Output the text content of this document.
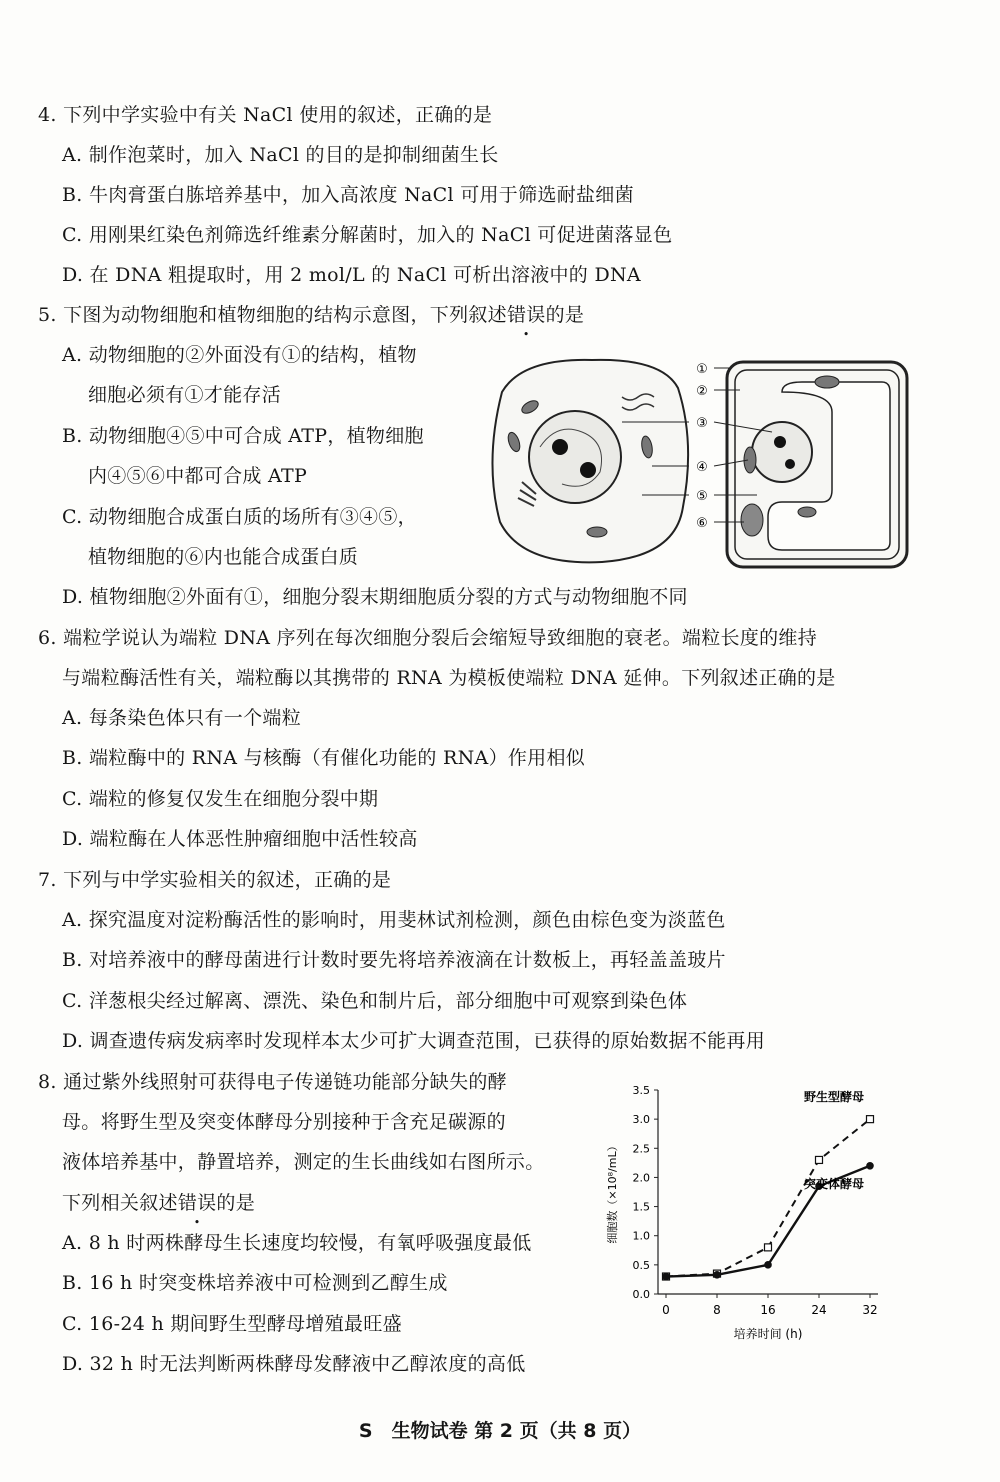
4. 下列中学实验中有关 NaCl 使用的叙述，正确的是
A. 制作泡菜时，加入 NaCl 的目的是抑制细菌生长
B. 牛肉膏蛋白胨培养基中，加入高浓度 NaCl 可用于筛选耐盐细菌
C. 用刚果红染色剂筛选纤维素分解菌时，加入的 NaCl 可促进菌落显色
D. 在 DNA 粗提取时，用 2 mol/L 的 NaCl 可析出溶液中的 DNA
5. 下图为动物细胞和植物细胞的结构示意图，下列叙述错误的是
A. 动物细胞的②外面没有①的结构，植物
细胞必须有①才能存活
B. 动物细胞④⑤中可合成 ATP，植物细胞
内④⑤⑥中都可合成 ATP
C. 动物细胞合成蛋白质的场所有③④⑤，
植物细胞的⑥内也能合成蛋白质
D. 植物细胞②外面有①，细胞分裂末期细胞质分裂的方式与动物细胞不同
①
②
③
④
⑤
⑥
6. 端粒学说认为端粒 DNA 序列在每次细胞分裂后会缩短导致细胞的衰老。端粒长度的维持
与端粒酶活性有关，端粒酶以其携带的 RNA 为模板使端粒 DNA 延伸。下列叙述正确的是
A. 每条染色体只有一个端粒
B. 端粒酶中的 RNA 与核酶（有催化功能的 RNA）作用相似
C. 端粒的修复仅发生在细胞分裂中期
D. 端粒酶在人体恶性肿瘤细胞中活性较高
7. 下列与中学实验相关的叙述，正确的是
A. 探究温度对淀粉酶活性的影响时，用斐林试剂检测，颜色由棕色变为淡蓝色
B. 对培养液中的酵母菌进行计数时要先将培养液滴在计数板上，再轻盖盖玻片
C. 洋葱根尖经过解离、漂洗、染色和制片后，部分细胞中可观察到染色体
D. 调查遗传病发病率时发现样本太少可扩大调查范围，已获得的原始数据不能再用
8. 通过紫外线照射可获得电子传递链功能部分缺失的酵
母。将野生型及突变体酵母分别接种于含充足碳源的
液体培养基中，静置培养，测定的生长曲线如右图所示。
下列相关叙述错误的是
A. 8 h 时两株酵母生长速度均较慢，有氧呼吸强度最低
B. 16 h 时突变株培养液中可检测到乙醇生成
C. 16-24 h 期间野生型酵母增殖最旺盛
D. 32 h 时无法判断两株酵母发酵液中乙醇浓度的高低
0.0
0.5
1.0
1.5
2.0
2.5
3.0
3.5
0	8	16	24	32
野生型酵母
突变体酵母
细胞数（×10⁸/mL）
培养时间 (h)
S　生物试卷 第 2 页（共 8 页）
